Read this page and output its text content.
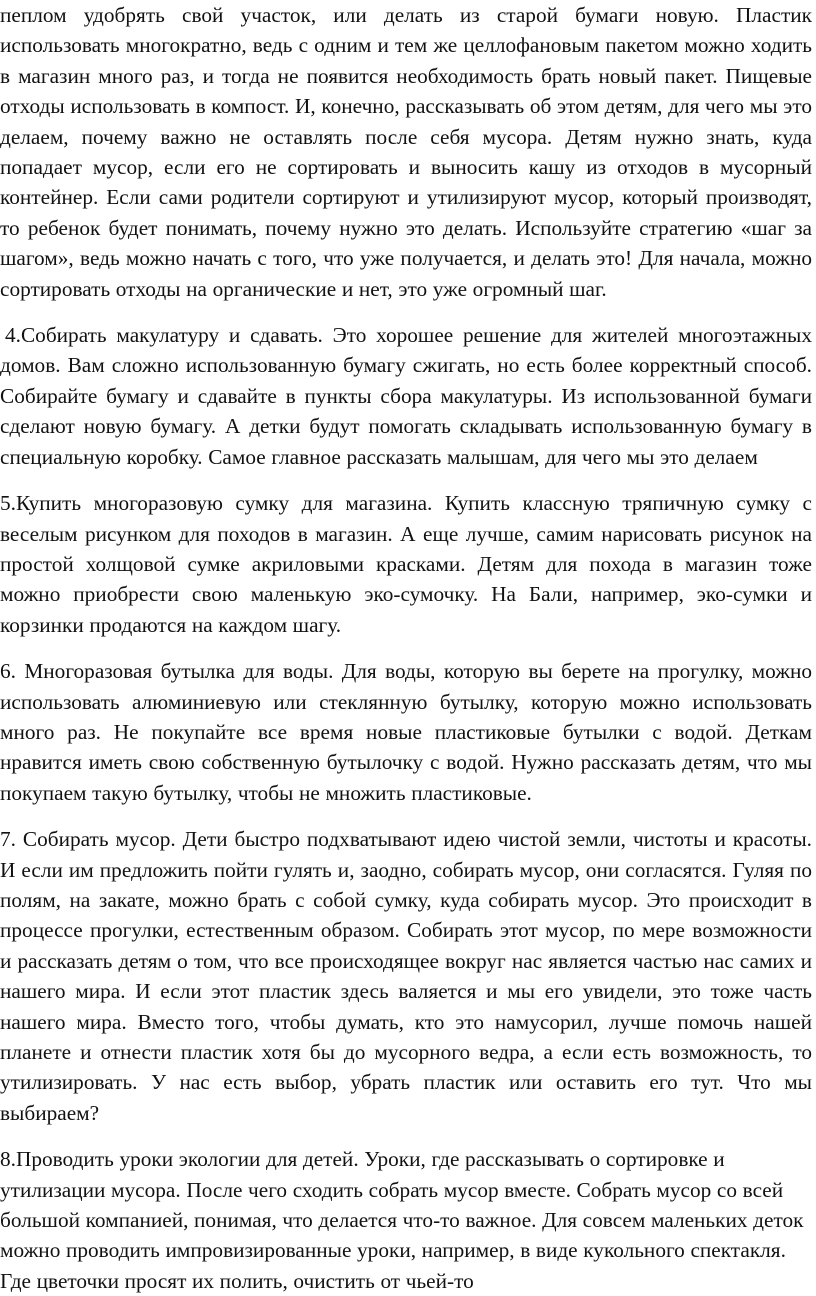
пеплом удобрять свой участок, или делать из старой бумаги новую. Пластик использовать многократно, ведь с одним и тем же целлофановым пакетом можно ходить в магазин много раз, и тогда не появится необходимость брать новый пакет. Пищевые отходы использовать в компост. И, конечно, рассказывать об этом детям, для чего мы это делаем, почему важно не оставлять после себя мусора. Детям нужно знать, куда попадает мусор, если его не сортировать и выносить кашу из отходов в мусорный контейнер. Если сами родители сортируют и утилизируют мусор, который производят, то ребенок будет понимать, почему нужно это делать. Используйте стратегию «шаг за шагом», ведь можно начать с того, что уже получается, и делать это! Для начала, можно сортировать отходы на органические и нет, это уже огромный шаг.

4.Собирать макулатуру и сдавать. Это хорошее решение для жителей многоэтажных домов. Вам сложно использованную бумагу сжигать, но есть более корректный способ. Собирайте бумагу и сдавайте в пункты сбора макулатуры. Из использованной бумаги сделают новую бумагу. А детки будут помогать складывать использованную бумагу в специальную коробку. Самое главное рассказать малышам, для чего мы это делаем

5.Купить многоразовую сумку для магазина. Купить классную тряпичную сумку с веселым рисунком для походов в магазин. А еще лучше, самим нарисовать рисунок на простой холщовой сумке акриловыми красками. Детям для похода в магазин тоже можно приобрести свою маленькую эко-сумочку. На Бали, например, эко-сумки и корзинки продаются на каждом шагу.

6. Многоразовая бутылка для воды. Для воды, которую вы берете на прогулку, можно использовать алюминиевую или стеклянную бутылку, которую можно использовать много раз. Не покупайте все время новые пластиковые бутылки с водой. Деткам нравится иметь свою собственную бутылочку с водой. Нужно рассказать детям, что мы покупаем такую бутылку, чтобы не множить пластиковые.

7. Собирать мусор. Дети быстро подхватывают идею чистой земли, чистоты и красоты. И если им предложить пойти гулять и, заодно, собирать мусор, они согласятся. Гуляя по полям, на закате, можно брать с собой сумку, куда собирать мусор. Это происходит в процессе прогулки, естественным образом. Собирать этот мусор, по мере возможности и рассказать детям о том, что все происходящее вокруг нас является частью нас самих и нашего мира. И если этот пластик здесь валяется и мы его увидели, это тоже часть нашего мира. Вместо того, чтобы думать, кто это намусорил, лучше помочь нашей планете и отнести пластик хотя бы до мусорного ведра, а если есть возможность, то утилизировать. У нас есть выбор, убрать пластик или оставить его тут. Что мы выбираем?

8.Проводить уроки экологии для детей. Уроки, где рассказывать о сортировке и утилизации мусора. После чего сходить собрать мусор вместе. Собрать мусор со всей большой компанией, понимая, что делается что-то важное. Для совсем маленьких деток можно проводить импровизированные уроки, например, в виде кукольного спектакля. Где цветочки просят их полить, очистить от чьей-то
